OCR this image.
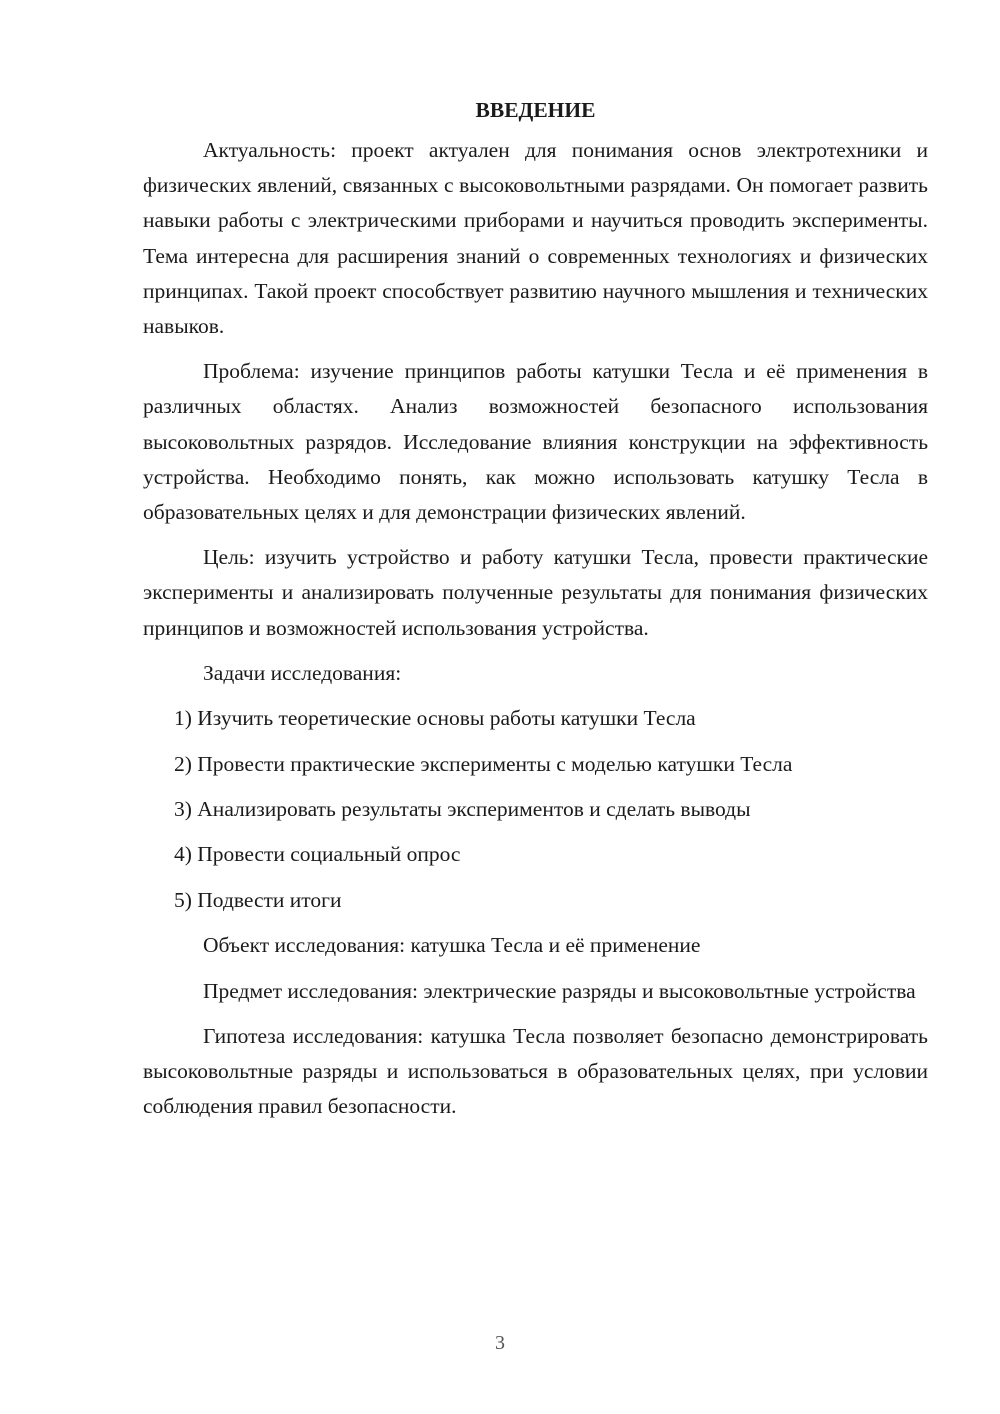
ВВЕДЕНИЕ

Актуальность: проект актуален для понимания основ электротехники и физических явлений, связанных с высоковольтными разрядами. Он помогает развить навыки работы с электрическими приборами и научиться проводить эксперименты. Тема интересна для расширения знаний о современных технологиях и физических принципах. Такой проект способствует развитию научного мышления и технических навыков.

Проблема: изучение принципов работы катушки Тесла и её применения в различных областях. Анализ возможностей безопасного использования высоковольтных разрядов. Исследование влияния конструкции на эффективность устройства. Необходимо понять, как можно использовать катушку Тесла в образовательных целях и для демонстрации физических явлений.

Цель: изучить устройство и работу катушки Тесла, провести практические эксперименты и анализировать полученные результаты для понимания физических принципов и возможностей использования устройства.

Задачи исследования:

1) Изучить теоретические основы работы катушки Тесла
2) Провести практические эксперименты с моделью катушки Тесла
3) Анализировать результаты экспериментов и сделать выводы
4) Провести социальный опрос
5) Подвести итоги

Объект исследования: катушка Тесла и её применение

Предмет исследования: электрические разряды и высоковольтные устройства

Гипотеза исследования: катушка Тесла позволяет безопасно демонстрировать высоковольтные разряды и использоваться в образовательных целях, при условии соблюдения правил безопасности.

3
